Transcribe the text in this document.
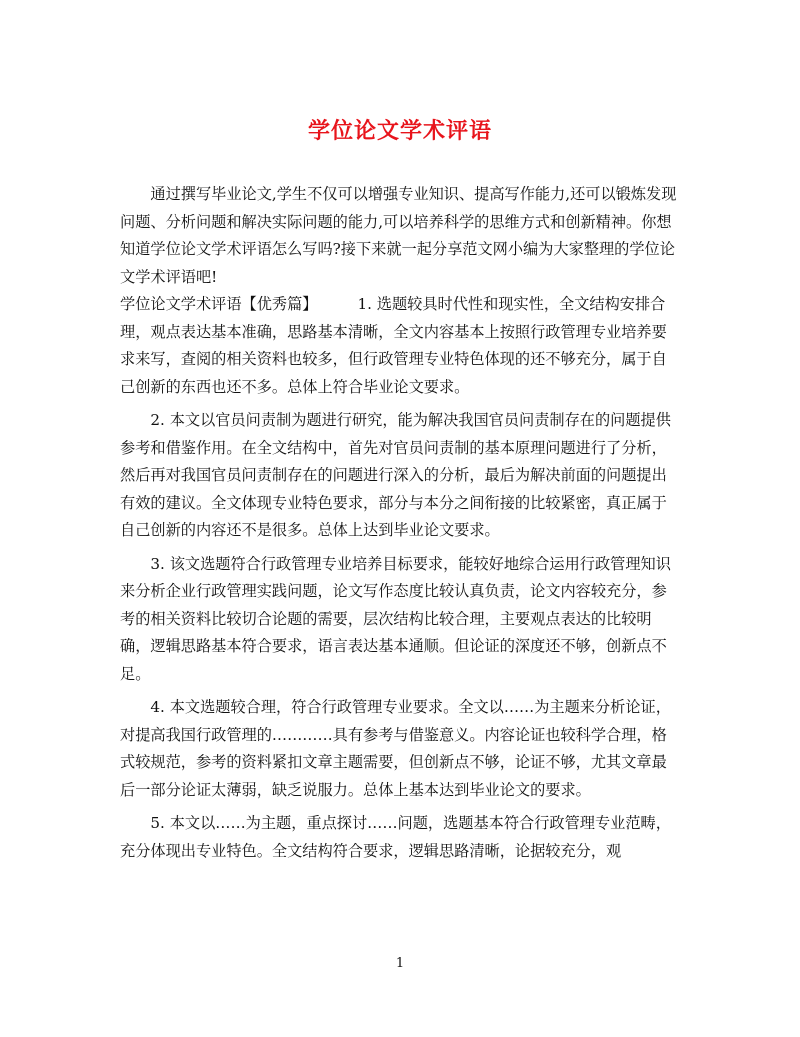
学位论文学术评语

通过撰写毕业论文,学生不仅可以增强专业知识、提高写作能力,还可以锻炼发现问题、分析问题和解决实际问题的能力,可以培养科学的思维方式和创新精神。你想知道学位论文学术评语怎么写吗?接下来就一起分享范文网小编为大家整理的学位论文学术评语吧!

学位论文学术评语【优秀篇】	1. 选题较具时代性和现实性，全文结构安排合理，观点表达基本准确，思路基本清晰，全文内容基本上按照行政管理专业培养要求来写，查阅的相关资料也较多，但行政管理专业特色体现的还不够充分，属于自己创新的东西也还不多。总体上符合毕业论文要求。

2. 本文以官员问责制为题进行研究，能为解决我国官员问责制存在的问题提供参考和借鉴作用。在全文结构中，首先对官员问责制的基本原理问题进行了分析，然后再对我国官员问责制存在的问题进行深入的分析，最后为解决前面的问题提出有效的建议。全文体现专业特色要求，部分与本分之间衔接的比较紧密，真正属于自己创新的内容还不是很多。总体上达到毕业论文要求。

3. 该文选题符合行政管理专业培养目标要求，能较好地综合运用行政管理知识来分析企业行政管理实践问题，论文写作态度比较认真负责，论文内容较充分，参考的相关资料比较切合论题的需要，层次结构比较合理，主要观点表达的比较明确，逻辑思路基本符合要求，语言表达基本通顺。但论证的深度还不够，创新点不足。

4. 本文选题较合理，符合行政管理专业要求。全文以……为主题来分析论证，对提高我国行政管理的…………具有参考与借鉴意义。内容论证也较科学合理，格式较规范，参考的资料紧扣文章主题需要，但创新点不够，论证不够，尤其文章最后一部分论证太薄弱，缺乏说服力。总体上基本达到毕业论文的要求。

5. 本文以……为主题，重点探讨……问题，选题基本符合行政管理专业范畴，充分体现出专业特色。全文结构符合要求，逻辑思路清晰，论据较充分，观

1
